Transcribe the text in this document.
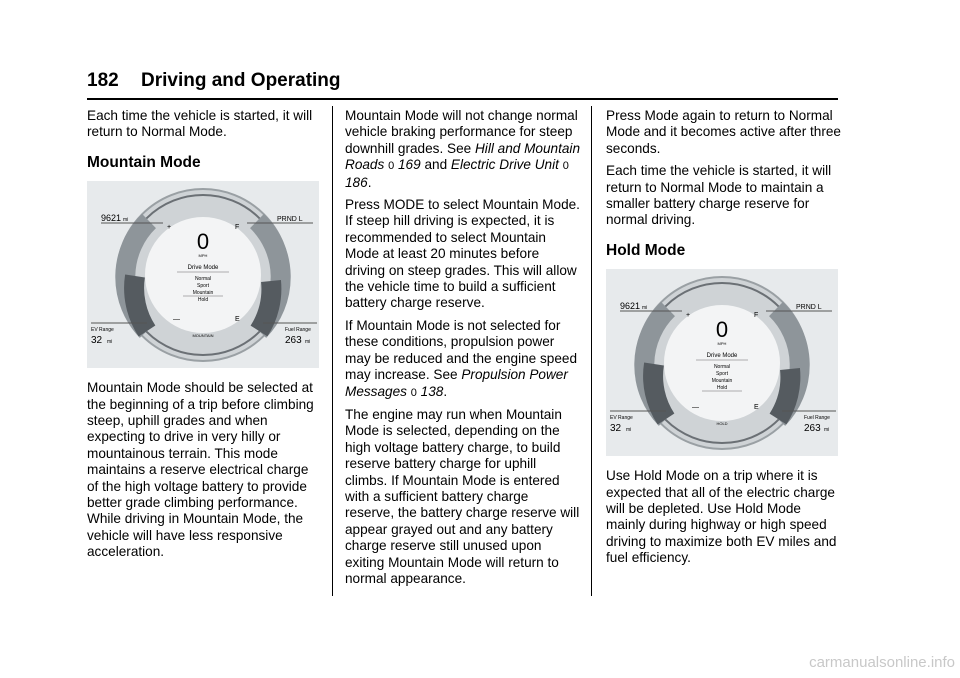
182 Driving and Operating

Each time the vehicle is started, it will return to Normal Mode.

Mountain Mode
9621 mi	PRND L
+	F
0
MPH
Drive Mode
Normal
Sport
Mountain
Hold
—	E
EV Range
32 mi
Fuel Range
263 mi
MOUNTAIN

Mountain Mode should be selected at the beginning of a trip before climbing steep, uphill grades and when expecting to drive in very hilly or mountainous terrain. This mode maintains a reserve electrical charge of the high voltage battery to provide better grade climbing performance. While driving in Mountain Mode, the vehicle will have less responsive acceleration.

Mountain Mode will not change normal vehicle braking performance for steep downhill grades. See Hill and Mountain Roads 0 169 and Electric Drive Unit 0 186.

Press MODE to select Mountain Mode. If steep hill driving is expected, it is recommended to select Mountain Mode at least 20 minutes before driving on steep grades. This will allow the vehicle time to build a sufficient battery charge reserve.

If Mountain Mode is not selected for these conditions, propulsion power may be reduced and the engine speed may increase. See Propulsion Power Messages 0 138.

The engine may run when Mountain Mode is selected, depending on the high voltage battery charge, to build reserve battery charge for uphill climbs. If Mountain Mode is entered with a sufficient battery charge reserve, the battery charge reserve will appear grayed out and any battery charge reserve still unused upon exiting Mountain Mode will return to normal appearance.

Press Mode again to return to Normal Mode and it becomes active after three seconds.

Each time the vehicle is started, it will return to Normal Mode to maintain a smaller battery charge reserve for normal driving.

Hold Mode
9621 mi	PRND L
+	F
0
MPH
Drive Mode
Normal
Sport
Mountain
Hold
—	E
EV Range
32 mi
Fuel Range
263 mi
HOLD

Use Hold Mode on a trip where it is expected that all of the electric charge will be depleted. Use Hold Mode mainly during highway or high speed driving to maximize both EV miles and fuel efficiency.

carmanualsonline.info
